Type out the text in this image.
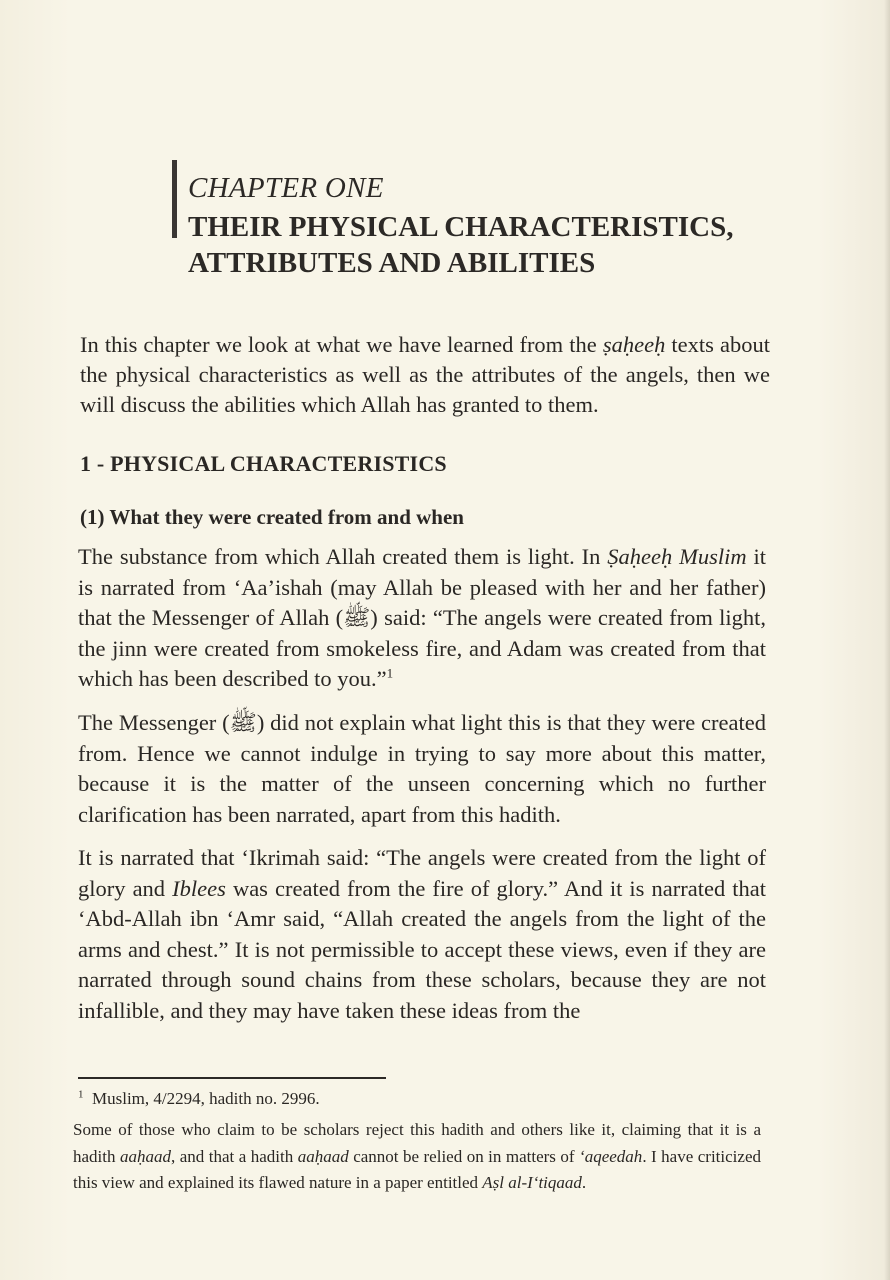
CHAPTER ONE
THEIR PHYSICAL CHARACTERISTICS,
ATTRIBUTES AND ABILITIES

In this chapter we look at what we have learned from the ṣaḥeeḥ texts about the physical characteristics as well as the attributes of the angels, then we will discuss the abilities which Allah has granted to them.

1 - PHYSICAL CHARACTERISTICS
(1) What they were created from and when

The substance from which Allah created them is light. In Ṣaḥeeḥ Muslim it is narrated from ‘Aa’ishah (may Allah be pleased with her and her father) that the Messenger of Allah (ﷺ) said: “The angels were created from light, the jinn were created from smokeless fire, and Adam was created from that which has been described to you.”$^1$

The Messenger (ﷺ) did not explain what light this is that they were created from. Hence we cannot indulge in trying to say more about this matter, because it is the matter of the unseen concerning which no further clarification has been narrated, apart from this hadith.

It is narrated that ‘Ikrimah said: “The angels were created from the light of glory and Iblees was created from the fire of glory.” And it is narrated that ‘Abd-Allah ibn ‘Amr said, “Allah created the angels from the light of the arms and chest.” It is not permissible to accept these views, even if they are narrated through sound chains from these scholars, because they are not infallible, and they may have taken these ideas from the

$^1$ Muslim, 4/2294, hadith no. 2996.

Some of those who claim to be scholars reject this hadith and others like it, claiming that it is a hadith aaḥaad, and that a hadith aaḥaad cannot be relied on in matters of ‘aqeedah. I have criticized this view and explained its flawed nature in a paper entitled Aṣl al-I‘tiqaad.
